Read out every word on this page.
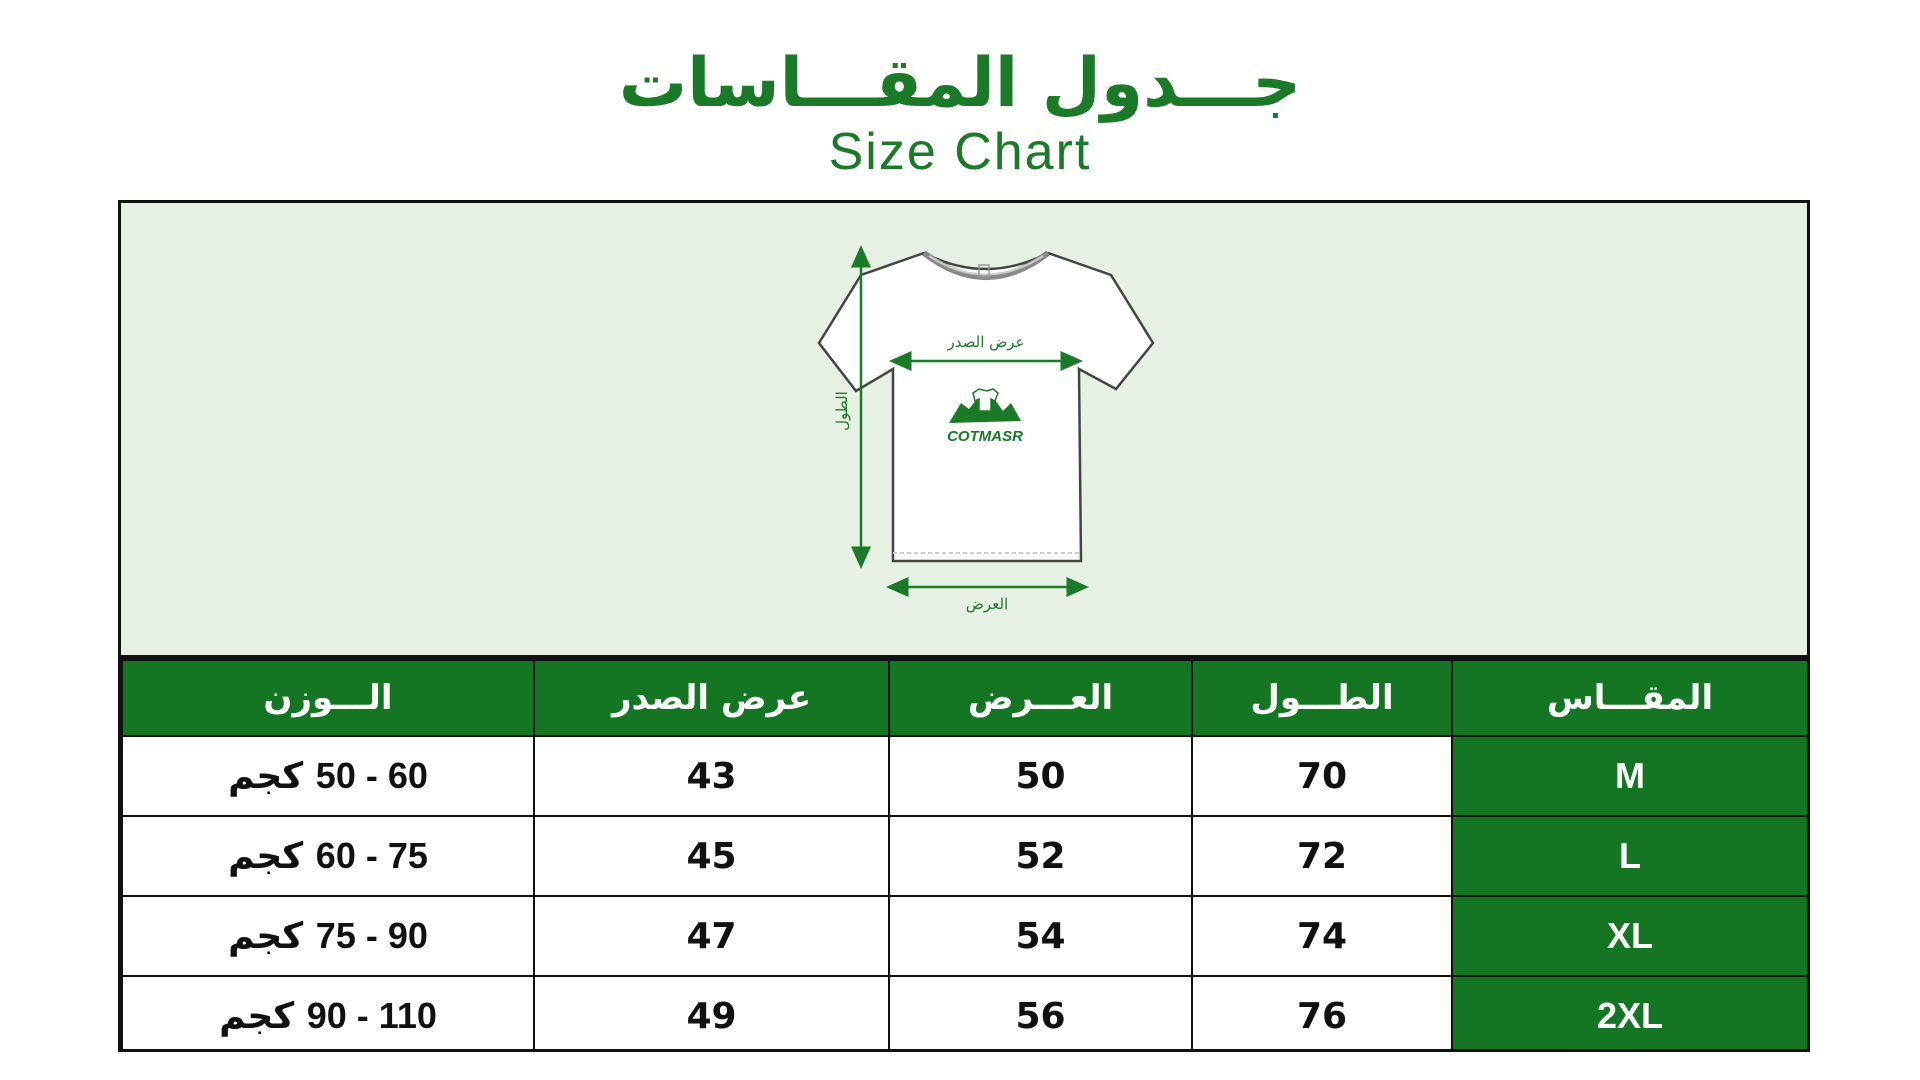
جـــدول المقـــاسات
Size Chart
عرض الصدر
الطول
العرض
COTMASR
المقـــاس	الطـــول	العـــرض	عرض الصدر	الـــوزن
M	70	50	43	50 - 60 كجم
L	72	52	45	60 - 75 كجم
XL	74	54	47	75 - 90 كجم
2XL	76	56	49	90 - 110 كجم
